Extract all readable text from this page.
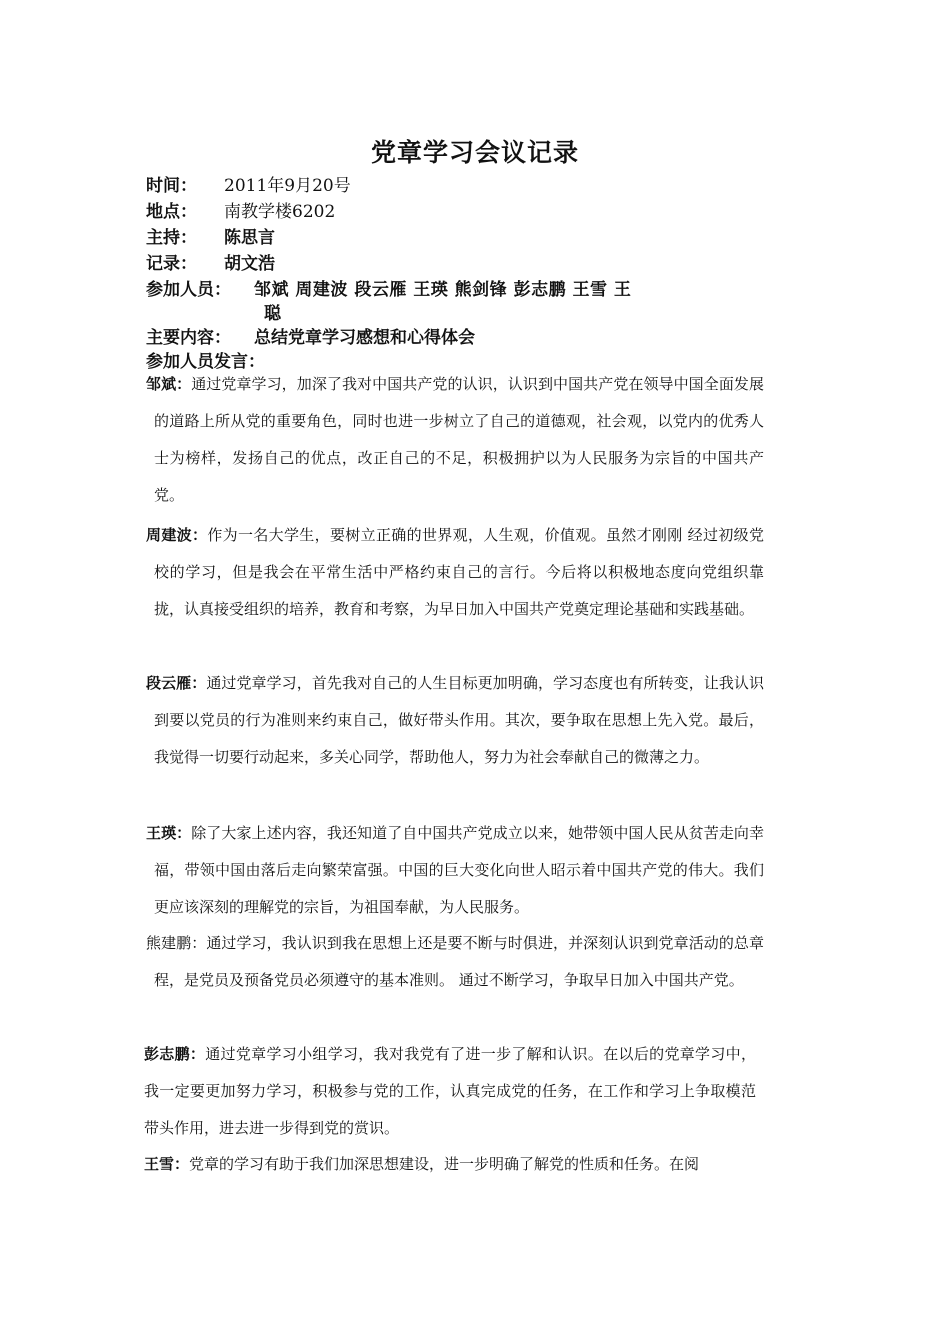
党章学习会议记录
时间： 2011年9月20号
地点： 南教学楼6202
主持： 陈思言
记录： 胡文浩
参加人员： 邹斌 周建波 段云雁 王瑛 熊剑锋 彭志鹏 王雪 王
聪
主要内容： 总结党章学习感想和心得体会
参加人员发言：

邹斌：通过党章学习，加深了我对中国共产党的认识，认识到中国共产党在领导中国全面发展的道路上所从党的重要角色，同时也进一步树立了自己的道德观，社会观，以党内的优秀人士为榜样，发扬自己的优点，改正自己的不足，积极拥护以为人民服务为宗旨的中国共产党。

周建波：作为一名大学生，要树立正确的世界观，人生观，价值观。虽然才刚刚 经过初级党校的学习，但是我会在平常生活中严格约束自己的言行。今后将以积极地态度向党组织靠拢，认真接受组织的培养，教育和考察，为早日加入中国共产党奠定理论基础和实践基础。

段云雁：通过党章学习，首先我对自己的人生目标更加明确，学习态度也有所转变，让我认识到要以党员的行为准则来约束自己，做好带头作用。其次，要争取在思想上先入党。最后，我觉得一切要行动起来，多关心同学，帮助他人，努力为社会奉献自己的微薄之力。

王瑛：除了大家上述内容，我还知道了自中国共产党成立以来，她带领中国人民从贫苦走向幸福，带领中国由落后走向繁荣富强。中国的巨大变化向世人昭示着中国共产党的伟大。我们更应该深刻的理解党的宗旨，为祖国奉献，为人民服务。

熊建鹏：通过学习，我认识到我在思想上还是要不断与时俱进，并深刻认识到党章活动的总章程，是党员及预备党员必须遵守的基本准则。 通过不断学习，争取早日加入中国共产党。

彭志鹏：通过党章学习小组学习，我对我党有了进一步了解和认识。在以后的党章学习中，我一定要更加努力学习，积极参与党的工作，认真完成党的任务，在工作和学习上争取模范带头作用，进去进一步得到党的赏识。

王雪：党章的学习有助于我们加深思想建设，进一步明确了解党的性质和任务。在阅
